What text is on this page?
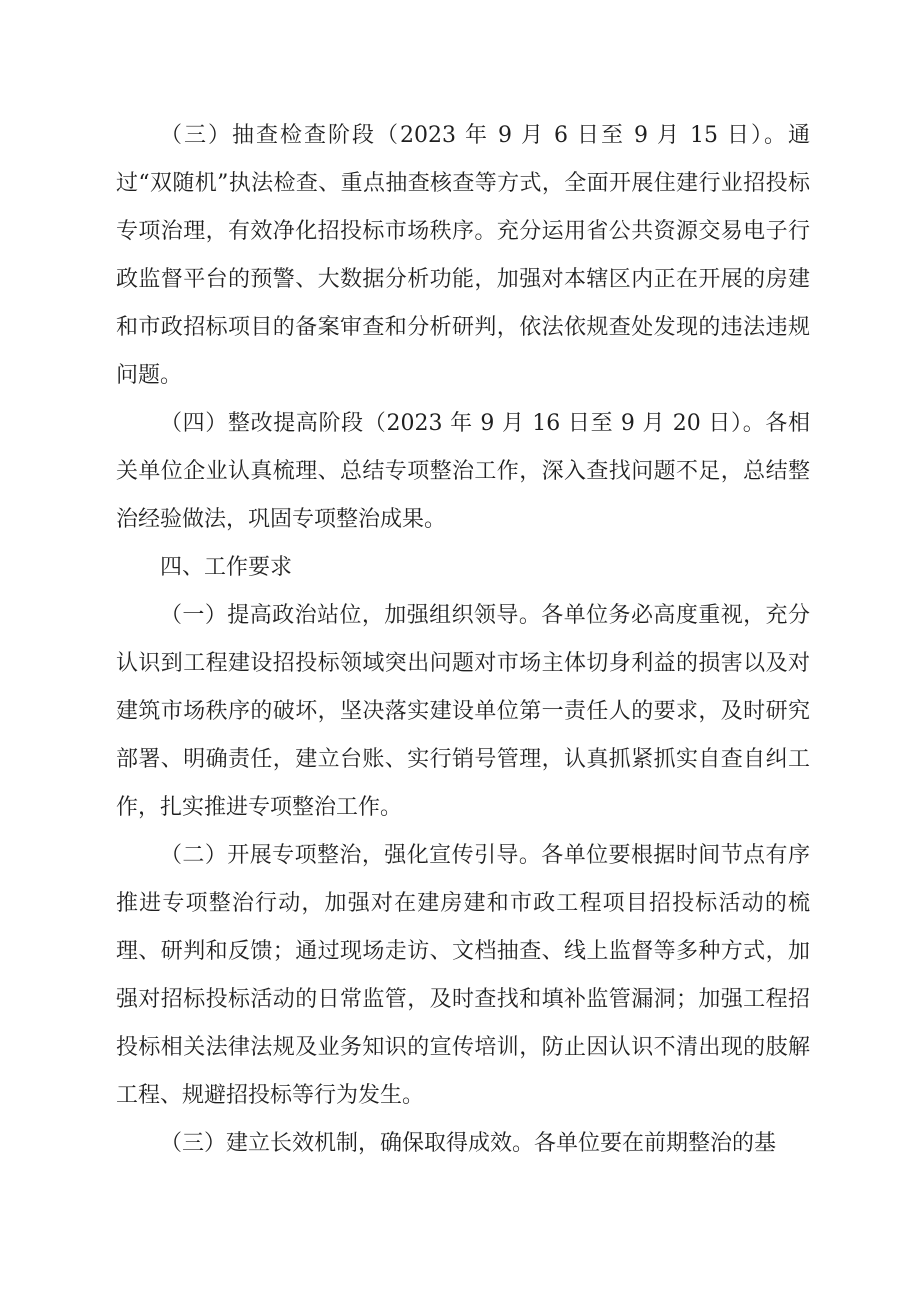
（三）抽查检查阶段（2023 年 9 月 6 日至 9 月 15 日）。通过“双随机”执法检查、重点抽查核查等方式，全面开展住建行业招投标专项治理，有效净化招投标市场秩序。充分运用省公共资源交易电子行政监督平台的预警、大数据分析功能，加强对本辖区内正在开展的房建和市政招标项目的备案审查和分析研判，依法依规查处发现的违法违规问题。

（四）整改提高阶段（2023 年 9 月 16 日至 9 月 20 日）。各相关单位企业认真梳理、总结专项整治工作，深入查找问题不足，总结整治经验做法，巩固专项整治成果。

四、工作要求

（一）提高政治站位，加强组织领导。各单位务必高度重视，充分认识到工程建设招投标领域突出问题对市场主体切身利益的损害以及对建筑市场秩序的破坏，坚决落实建设单位第一责任人的要求，及时研究部署、明确责任，建立台账、实行销号管理，认真抓紧抓实自查自纠工作，扎实推进专项整治工作。

（二）开展专项整治，强化宣传引导。各单位要根据时间节点有序推进专项整治行动，加强对在建房建和市政工程项目招投标活动的梳理、研判和反馈；通过现场走访、文档抽查、线上监督等多种方式，加强对招标投标活动的日常监管，及时查找和填补监管漏洞；加强工程招投标相关法律法规及业务知识的宣传培训，防止因认识不清出现的肢解工程、规避招投标等行为发生。

（三）建立长效机制，确保取得成效。各单位要在前期整治的基
